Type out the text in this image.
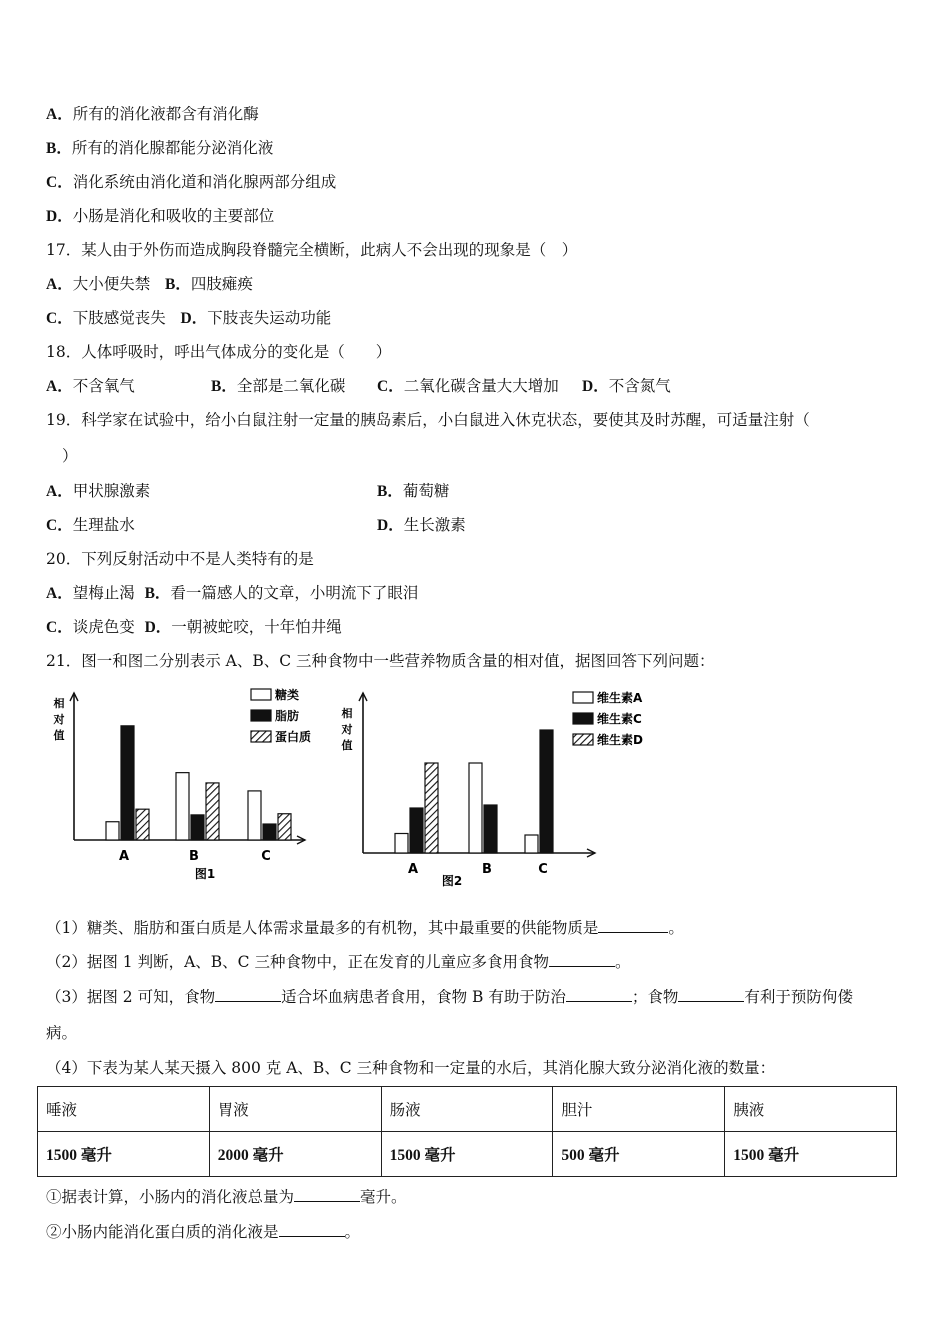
A．所有的消化液都含有消化酶
B．所有的消化腺都能分泌消化液
C．消化系统由消化道和消化腺两部分组成
D．小肠是消化和吸收的主要部位
17．某人由于外伤而造成胸段脊髓完全横断，此病人不会出现的现象是（　）
A．大小便失禁 B．四肢瘫痪
C．下肢感觉丧失 D．下肢丧失运动功能
18．人体呼吸时，呼出气体成分的变化是（　　）
A．不含氧气	B．全部是二氧化碳 C．二氧化碳含量大大增加 D．不含氮气
19．科学家在试验中，给小白鼠注射一定量的胰岛素后，小白鼠进入休克状态，要使其及时苏醒，可适量注射（
）
A．甲状腺激素	B．葡萄糖
C．生理盐水	D．生长激素
20．下列反射活动中不是人类特有的是
A．望梅止渴 B．看一篇感人的文章，小明流下了眼泪
C．谈虎色变 D．一朝被蛇咬，十年怕井绳
21．图一和图二分别表示 A、B、C 三种食物中一些营养物质含量的相对值，据图回答下列问题：
相
对
值
A	B	C
糖类
脂肪
蛋白质
图1
相
对
值
A	B	C
维生素A
维生素C
维生素D
图2
（1）糖类、脂肪和蛋白质是人体需求量最多的有机物，其中最重要的供能物质是	。
（2）据图 1 判断，A、B、C 三种食物中，正在发育的儿童应多食用食物	。
（3）据图 2 可知，食物	适合坏血病患者食用，食物 B 有助于防治	；食物	有利于预防佝偻
病。
（4）下表为某人某天摄入 800 克 A、B、C 三种食物和一定量的水后，其消化腺大致分泌消化液的数量：
唾液	胃液	肠液	胆汁	胰液
1500 毫升	2000 毫升	1500 毫升	500 毫升	1500 毫升
①据表计算，小肠内的消化液总量为	毫升。
②小肠内能消化蛋白质的消化液是	。
